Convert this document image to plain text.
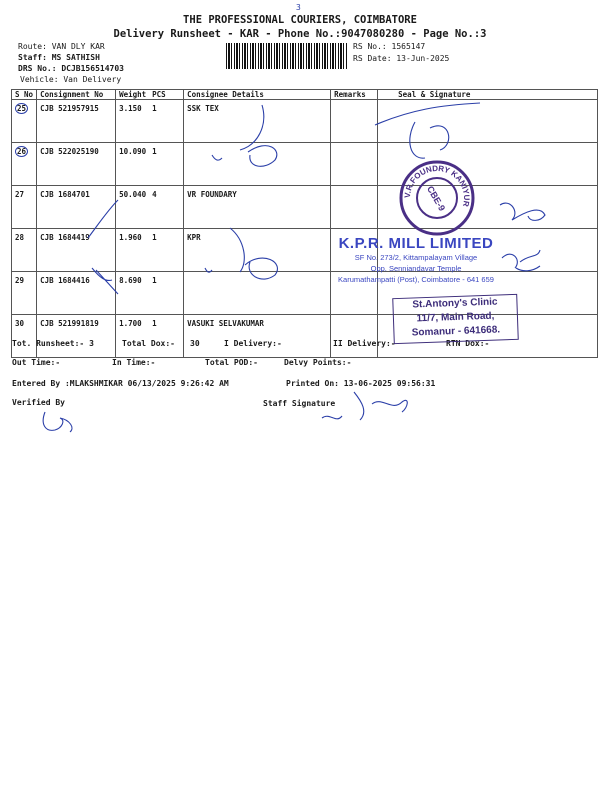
3
THE PROFESSIONAL COURIERS, COIMBATORE
Delivery Runsheet - KAR - Phone No.:9047080280 - Page No.:3
Route: VAN DLY KAR
Staff: MS SATHISH
DRS No.: DCJB156514703
Vehicle: Van Delivery
RS No.: 1565147
RS Date: 13-Jun-2025
S No	Consignment No	Weight	PCS	Consignee Details	Remarks	Seal & Signature
25	CJB 521957915	3.150	1	SSK TEX		
26	CJB 522025190	10.090	1			
27	CJB 1684701	50.040	4	VR FOUNDARY		
28	CJB 1684419	1.960	1	KPR		
29	CJB 1684416	8.690	1			
30	CJB 521991819	1.700	1	VASUKI SELVAKUMAR		
Tot. Runsheet:- 3	Total Dox:- 30	I Delivery:-	II Delivery:-	RTN Dox:-
Out Time:-	In Time:-	Total POD:-	Delvy Points:-
Entered By :MLAKSHMIKAR 06/13/2025 9:26:42 AM	Printed On: 13-06-2025 09:56:31
Verified By	Staff Signature
V.R.FOUNDRY KANIYUR
CBE-9
K.P.R. MILL LIMITED
SF No. 273/2, Kittampalayam Village
Opp. Senniandavar Temple
Karumathampatti (Post), Coimbatore - 641 659
St.Antony's Clinic
11/7, Main Road,
Somanur - 641668.
